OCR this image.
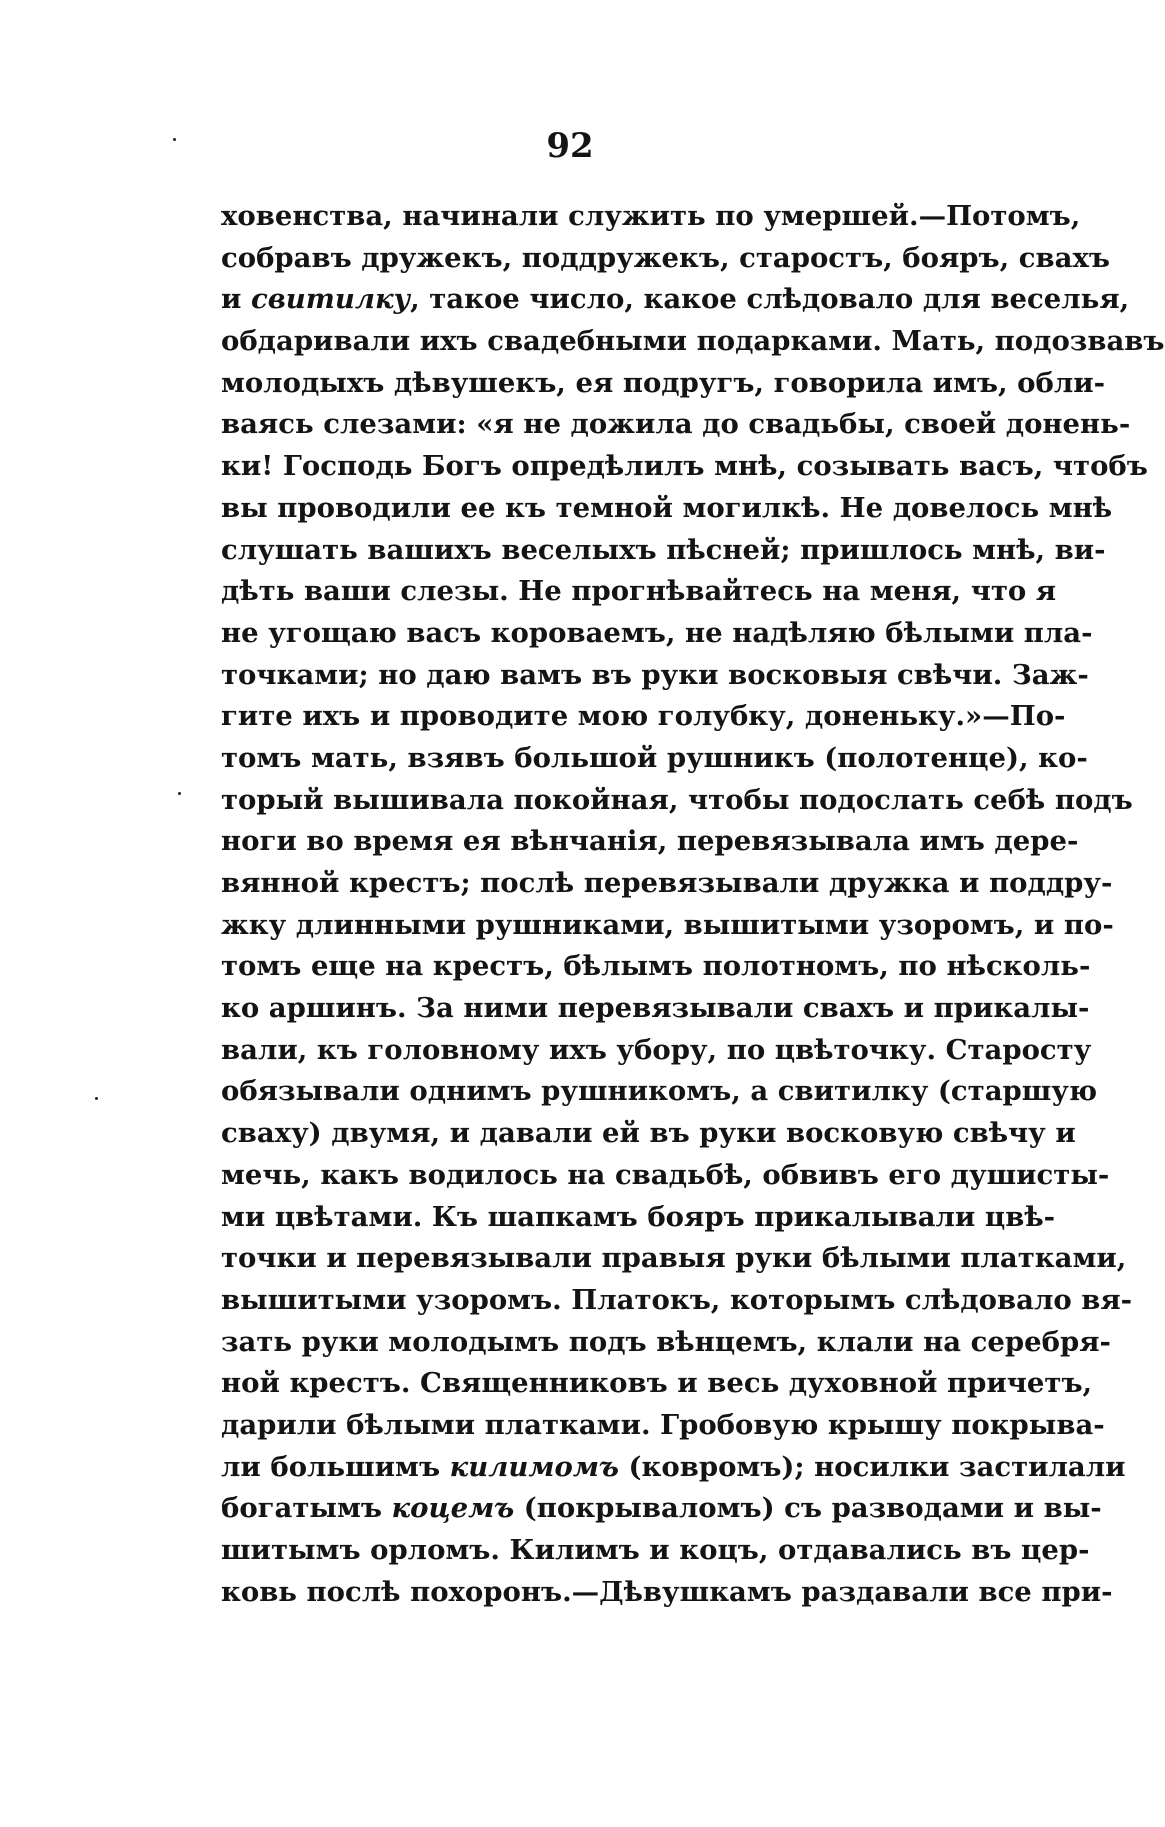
92
ховенства, начинали служить по умершей.—Потомъ,
собравъ дружекъ, поддружекъ, старостъ, бояръ, свахъ
и свитилку, такое число, какое слѣдовало для веселья,
обдаривали ихъ свадебными подарками. Мать, подозвавъ
молодыхъ дѣвушекъ, ея подругъ, говорила имъ, обли-
ваясь слезами: «я не дожила до свадьбы, своей донень-
ки! Господь Богъ опредѣлилъ мнѣ, созывать васъ, чтобъ
вы проводили ее къ темной могилкѣ. Не довелось мнѣ
слушать вашихъ веселыхъ пѣсней; пришлось мнѣ, ви-
дѣть ваши слезы. Не прогнѣвайтесь на меня, что я
не угощаю васъ короваемъ, не надѣляю бѣлыми пла-
точками; но даю вамъ въ руки восковыя свѣчи. Заж-
гите ихъ и проводите мою голубку, доненьку.»—По-
томъ мать, взявъ большой рушникъ (полотенце), ко-
торый вышивала покойная, чтобы подослать себѣ подъ
ноги во время ея вѣнчанія, перевязывала имъ дере-
вянной крестъ; послѣ перевязывали дружка и поддру-
жку длинными рушниками, вышитыми узоромъ, и по-
томъ еще на крестъ, бѣлымъ полотномъ, по нѣсколь-
ко аршинъ. За ними перевязывали свахъ и прикалы-
вали, къ головному ихъ убору, по цвѣточку. Старосту
обязывали однимъ рушникомъ, а свитилку (старшую
сваху) двумя, и давали ей въ руки восковую свѣчу и
мечь, какъ водилось на свадьбѣ, обвивъ его душисты-
ми цвѣтами. Къ шапкамъ бояръ прикалывали цвѣ-
точки и перевязывали правыя руки бѣлыми платками,
вышитыми узоромъ. Платокъ, которымъ слѣдовало вя-
зать руки молодымъ подъ вѣнцемъ, клали на серебря-
ной крестъ. Священниковъ и весь духовной причетъ,
дарили бѣлыми платками. Гробовую крышу покрыва-
ли большимъ килимомъ (ковромъ); носилки застилали
богатымъ коцемъ (покрываломъ) съ разводами и вы-
шитымъ орломъ. Килимъ и коцъ, отдавались въ цер-
ковь послѣ похоронъ.—Дѣвушкамъ раздавали все при-
